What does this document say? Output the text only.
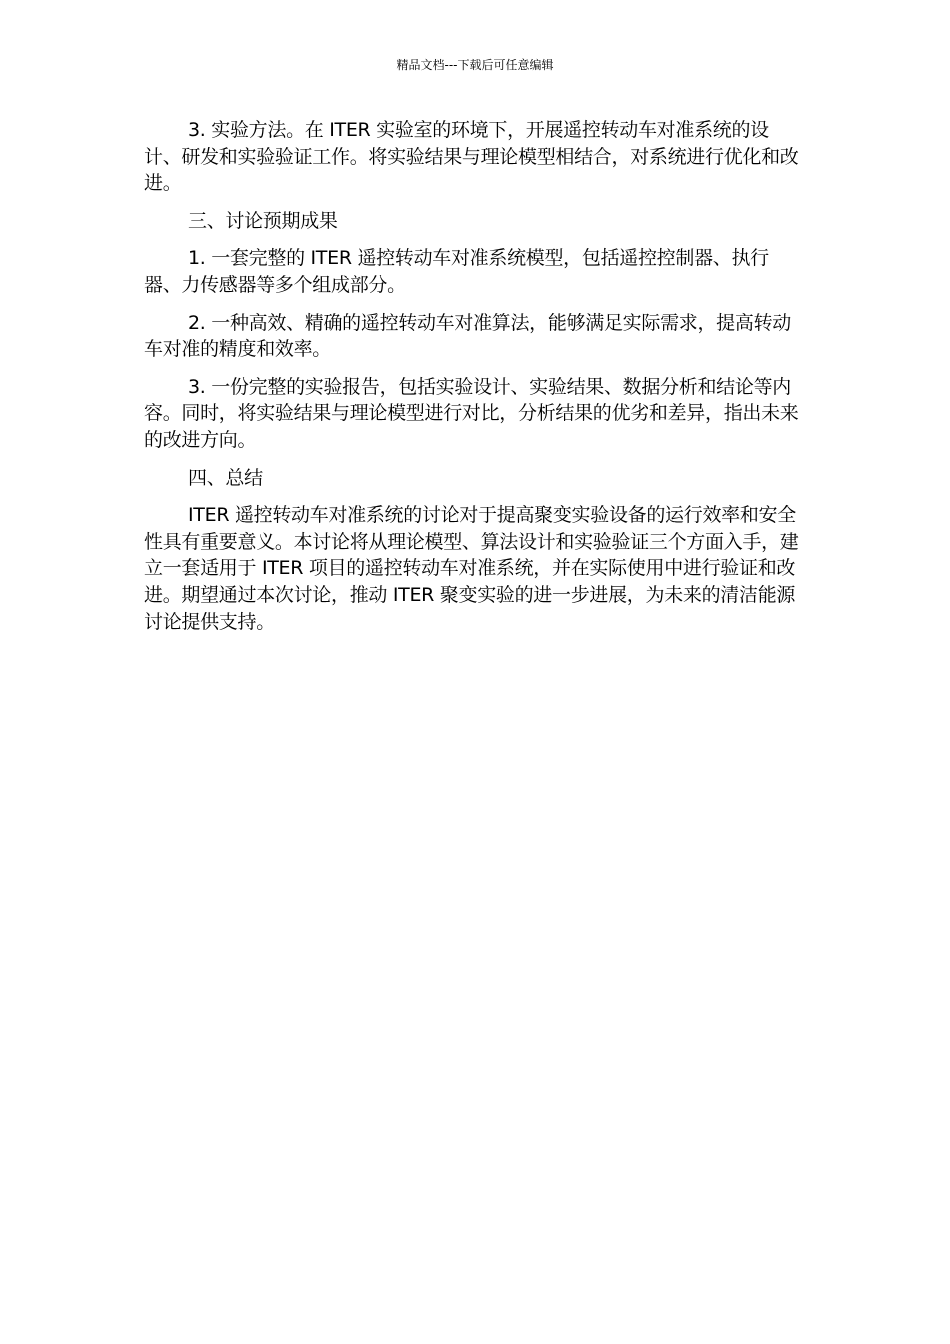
精品文档---下载后可任意编辑

3. 实验方法。在 ITER 实验室的环境下，开展遥控转动车对准系统的设计、研发和实验验证工作。将实验结果与理论模型相结合，对系统进行优化和改进。

三、讨论预期成果

1. 一套完整的 ITER 遥控转动车对准系统模型，包括遥控控制器、执行器、力传感器等多个组成部分。

2. 一种高效、精确的遥控转动车对准算法，能够满足实际需求，提高转动车对准的精度和效率。

3. 一份完整的实验报告，包括实验设计、实验结果、数据分析和结论等内容。同时，将实验结果与理论模型进行对比，分析结果的优劣和差异，指出未来的改进方向。

四、总结

ITER 遥控转动车对准系统的讨论对于提高聚变实验设备的运行效率和安全性具有重要意义。本讨论将从理论模型、算法设计和实验验证三个方面入手，建立一套适用于 ITER 项目的遥控转动车对准系统，并在实际使用中进行验证和改进。期望通过本次讨论，推动 ITER 聚变实验的进一步进展，为未来的清洁能源讨论提供支持。
